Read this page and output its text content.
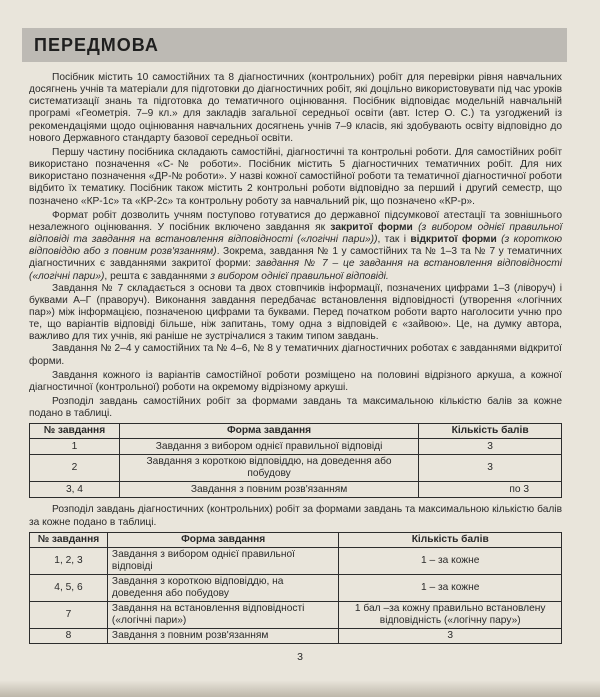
ПЕРЕДМОВА

Посібник містить 10 самостійних та 8 діагностичних (контрольних) робіт для перевірки рівня навчальних досягнень учнів та матеріали для підготовки до діагностичних робіт, які доцільно використовувати під час уроків систематизації знань та підготовка до тематичного оцінювання. Посібник відповідає модельній навчальній програмі «Геометрія. 7–9 кл.» для закладів загальної середньої освіти (авт. Істер О. С.) та узгоджений із рекомендаціями щодо оцінювання навчальних досягнень учнів 7–9 класів, які здобувають освіту відповідно до нового Державного стандарту базової середньої освіти.

Першу частину посібника складають самостійні, діагностичні та контрольні роботи. Для самостійних робіт використано позначення «С-№ роботи». Посібник містить 5 діагностичних тематичних робіт. Для них використано позначення «ДР-№ роботи». У назві кожної самостійної роботи та тематичної діагностичної роботи відбито їх тематику. Посібник також містить 2 контрольні роботи відповідно за перший і другий семестр, що позначено «КР-1с» та «КР-2с» та контрольну роботу за навчальний рік, що позначено «КР-р».

Формат робіт дозволить учням поступово готуватися до державної підсумкової атестації та зовнішнього незалежного оцінювання. У посібник включено завдання як закритої форми (з вибором однієї правильної відповіді та завдання на встановлення відповідності («логічні пари»)), так і відкритої форми (з короткою відповіддю або з повним розв'язанням). Зокрема, завдання № 1 у самостійних та № 1–3 та № 7 у тематичних діагностичних є завданнями закритої форми: завдання № 7 – це завдання на встановлення відповідності («логічні пари»), решта є завданнями з вибором однієї правильної відповіді.

Завдання № 7 складається з основи та двох стовпчиків інформації, позначених цифрами 1–3 (ліворуч) і буквами А–Г (праворуч). Виконання завдання передбачає встановлення відповідності (утворення «логічних пар») між інформацією, позначеною цифрами та буквами. Перед початком роботи варто наголосити учню про те, що варіантів відповіді більше, ніж запитань, тому одна з відповідей є «зайвою». Це, на думку автора, важливо для тих учнів, які раніше не зустрічалися з таким типом завдань.

Завдання № 2–4 у самостійних та № 4–6, № 8 у тематичних діагностичних роботах є завданнями відкритої форми.

Завдання кожного із варіантів самостійної роботи розміщено на половині відрізного аркуша, а кожної діагностичної (контрольної) роботи на окремому відрізному аркуші.

Розподіл завдань самостійних робіт за формами завдань та максимальною кількістю балів за кожне подано в таблиці.

№ завдання	Форма завдання	Кількість балів
1	Завдання з вибором однієї правильної відповіді	3
2	Завдання з короткою відповіддю, на доведення або побудову	3
3, 4	Завдання з повним розв'язанням	по 3

Розподіл завдань діагностичних (контрольних) робіт за формами завдань та максимальною кількістю балів за кожне подано в таблиці.

№ завдання	Форма завдання	Кількість балів
1, 2, 3	Завдання з вибором однієї правильної відповіді	1 – за кожне
4, 5, 6	Завдання з короткою відповіддю, на доведення або побудову	1 – за кожне
7	Завдання на встановлення відповідності («логічні пари»)	1 бал –за кожну правильно встановлену відповідність («логічну пару»)
8	Завдання з повним розв'язанням	3
3
